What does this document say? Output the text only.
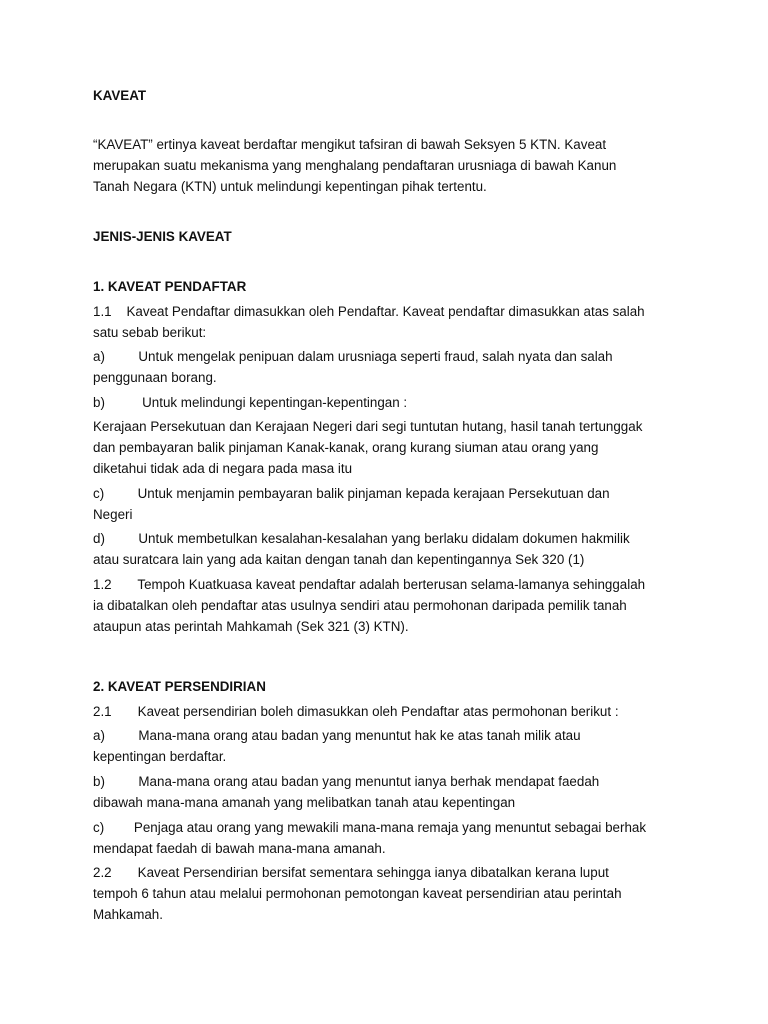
KAVEAT
“KAVEAT” ertinya kaveat berdaftar mengikut tafsiran di bawah Seksyen 5 KTN. Kaveat
merupakan suatu mekanisma yang menghalang pendaftaran urusniaga di bawah Kanun
Tanah Negara (KTN) untuk melindungi kepentingan pihak tertentu.
JENIS-JENIS KAVEAT
1. KAVEAT PENDAFTAR
1.1    Kaveat Pendaftar dimasukkan oleh Pendaftar. Kaveat pendaftar dimasukkan atas salah
satu sebab berikut:
a)         Untuk mengelak penipuan dalam urusniaga seperti fraud, salah nyata dan salah
penggunaan borang.
b)          Untuk melindungi kepentingan-kepentingan :
Kerajaan Persekutuan dan Kerajaan Negeri dari segi tuntutan hutang, hasil tanah tertunggak
dan pembayaran balik pinjaman Kanak-kanak, orang kurang siuman atau orang yang
diketahui tidak ada di negara pada masa itu
c)         Untuk menjamin pembayaran balik pinjaman kepada kerajaan Persekutuan dan
Negeri
d)         Untuk membetulkan kesalahan-kesalahan yang berlaku didalam dokumen hakmilik
atau suratcara lain yang ada kaitan dengan tanah dan kepentingannya Sek 320 (1)
1.2       Tempoh Kuatkuasa kaveat pendaftar adalah berterusan selama-lamanya sehinggalah
ia dibatalkan oleh pendaftar atas usulnya sendiri atau permohonan daripada pemilik tanah
ataupun atas perintah Mahkamah (Sek 321 (3) KTN).
2. KAVEAT PERSENDIRIAN
2.1       Kaveat persendirian boleh dimasukkan oleh Pendaftar atas permohonan berikut :
a)         Mana-mana orang atau badan yang menuntut hak ke atas tanah milik atau
kepentingan berdaftar.
b)         Mana-mana orang atau badan yang menuntut ianya berhak mendapat faedah
dibawah mana-mana amanah yang melibatkan tanah atau kepentingan
c)        Penjaga atau orang yang mewakili mana-mana remaja yang menuntut sebagai berhak
mendapat faedah di bawah mana-mana amanah.
2.2       Kaveat Persendirian bersifat sementara sehingga ianya dibatalkan kerana luput
tempoh 6 tahun atau melalui permohonan pemotongan kaveat persendirian atau perintah
Mahkamah.
